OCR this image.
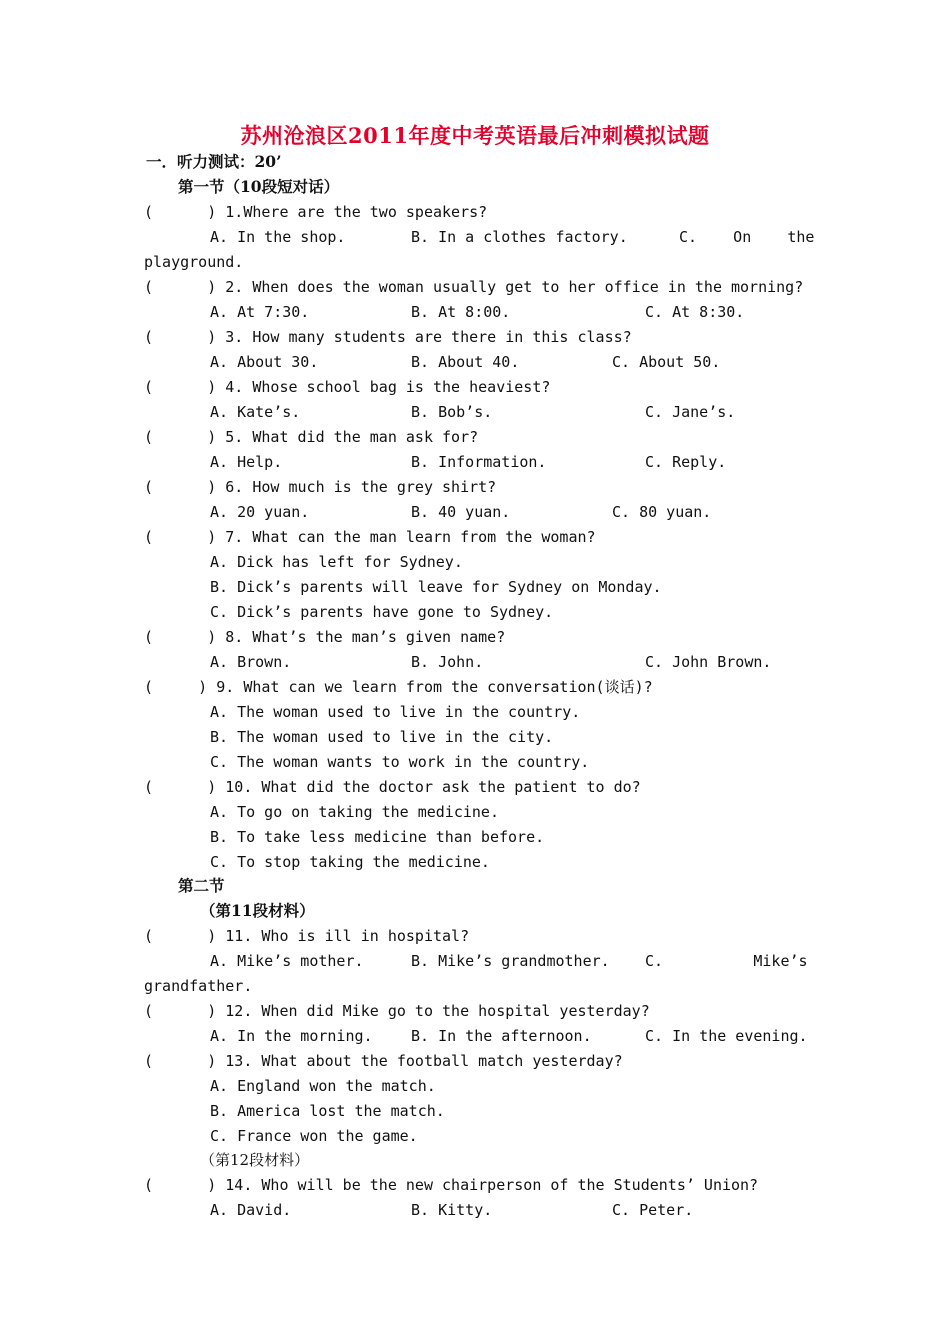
苏州沧浪区2011年度中考英语最后冲刺模拟试题
一．听力测试：20’
第一节（10段短对话）
(      ) 1.Where are the two speakers?
A. In the shop.	B. In a clothes factory.	C.    On    the
playground.
(      ) 2. When does the woman usually get to her office in the morning?
A. At 7:30.	B. At 8:00.	C. At 8:30.
(      ) 3. How many students are there in this class?
A. About 30.	B. About 40.	C. About 50.
(      ) 4. Whose school bag is the heaviest?
A. Kate’s.	B. Bob’s.	C. Jane’s.
(      ) 5. What did the man ask for?
A. Help.	B. Information.	C. Reply.
(      ) 6. How much is the grey shirt?
A. 20 yuan.	B. 40 yuan.	C. 80 yuan.
(      ) 7. What can the man learn from the woman?
A. Dick has left for Sydney.
B. Dick’s parents will leave for Sydney on Monday.
C. Dick’s parents have gone to Sydney.
(      ) 8. What’s the man’s given name?
A. Brown.	B. John.	C. John Brown.
(     ) 9. What can we learn from the conversation(谈话)?
A. The woman used to live in the country.
B. The woman used to live in the city.
C. The woman wants to work in the country.
(      ) 10. What did the doctor ask the patient to do?
A. To go on taking the medicine.
B. To take less medicine than before.
C. To stop taking the medicine.
第二节
（第11段材料）
(      ) 11. Who is ill in hospital?
A. Mike’s mother.	B. Mike’s grandmother. C.          Mike’s
grandfather.
(      ) 12. When did Mike go to the hospital yesterday?
A. In the morning.	B. In the afternoon.	C. In the evening.
(      ) 13. What about the football match yesterday?
A. England won the match.
B. America lost the match.
C. France won the game.
（第12段材料）
(      ) 14. Who will be the new chairperson of the Students’ Union?
A. David.	B. Kitty.	C. Peter.
